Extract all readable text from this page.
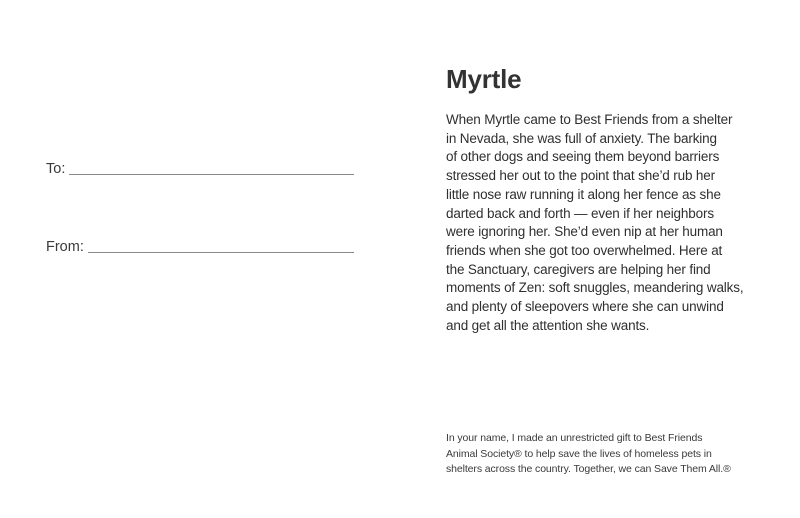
To:
From:
Myrtle

When Myrtle came to Best Friends from a shelter
in Nevada, she was full of anxiety. The barking
of other dogs and seeing them beyond barriers
stressed her out to the point that she’d rub her
little nose raw running it along her fence as she
darted back and forth — even if her neighbors
were ignoring her. She’d even nip at her human
friends when she got too overwhelmed. Here at
the Sanctuary, caregivers are helping her find
moments of Zen: soft snuggles, meandering walks,
and plenty of sleepovers where she can unwind
and get all the attention she wants.

In your name, I made an unrestricted gift to Best Friends
Animal Society® to help save the lives of homeless pets in
shelters across the country. Together, we can Save Them All.®
